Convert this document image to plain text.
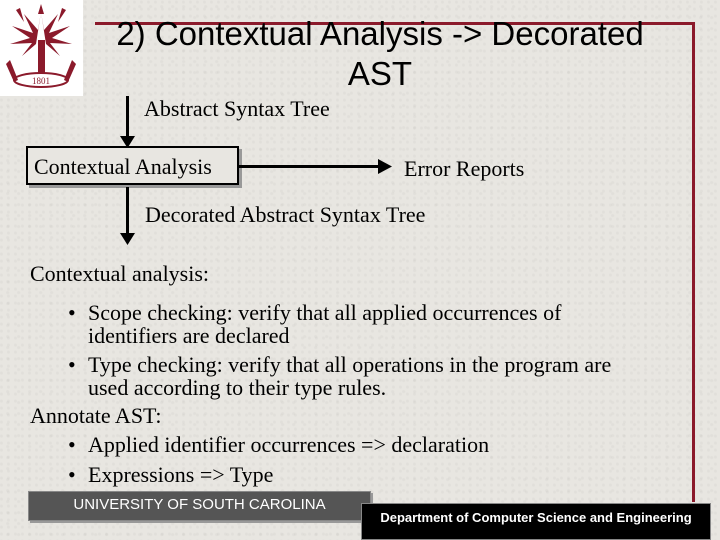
1801
2) Contextual Analysis -> Decorated
AST
Abstract Syntax Tree
Contextual Analysis	Error Reports
Decorated Abstract Syntax Tree
Contextual analysis:
• Scope checking: verify that all applied occurrences of
identifiers are declared
• Type checking: verify that all operations in the program are
used according to their type rules.
Annotate AST:
• Applied identifier occurrences => declaration
• Expressions => Type
UNIVERSITY OF SOUTH CAROLINA
Department of Computer Science and Engineering
